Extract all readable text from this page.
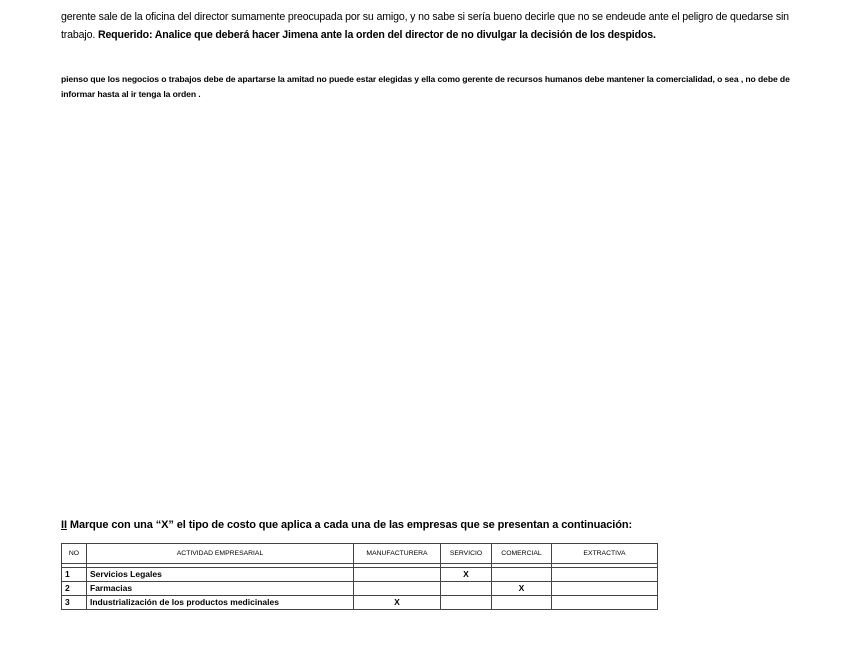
gerente sale de la oficina del director sumamente preocupada por su amigo, y no sabe si sería bueno decirle que no se endeude ante el peligro de quedarse sin trabajo. Requerido: Analice que deberá hacer Jimena ante la orden del director de no divulgar la decisión de los despidos.
pienso que los negocios o trabajos debe de apartarse la amitad no puede estar elegidas y ella como gerente de recursos humanos debe mantener la comercialidad, o sea , no debe de informar hasta al ir tenga la orden .
II Marque con una “X” el tipo de costo que aplica a cada una de las empresas que se presentan a continuación:
NO	ACTIVIDAD EMPRESARIAL	MANUFACTURERA	SERVICIO	COMERCIAL	EXTRACTIVA

1	Servicios Legales		X		
2	Farmacias			X	
3	Industrialización de los productos medicinales	X			
